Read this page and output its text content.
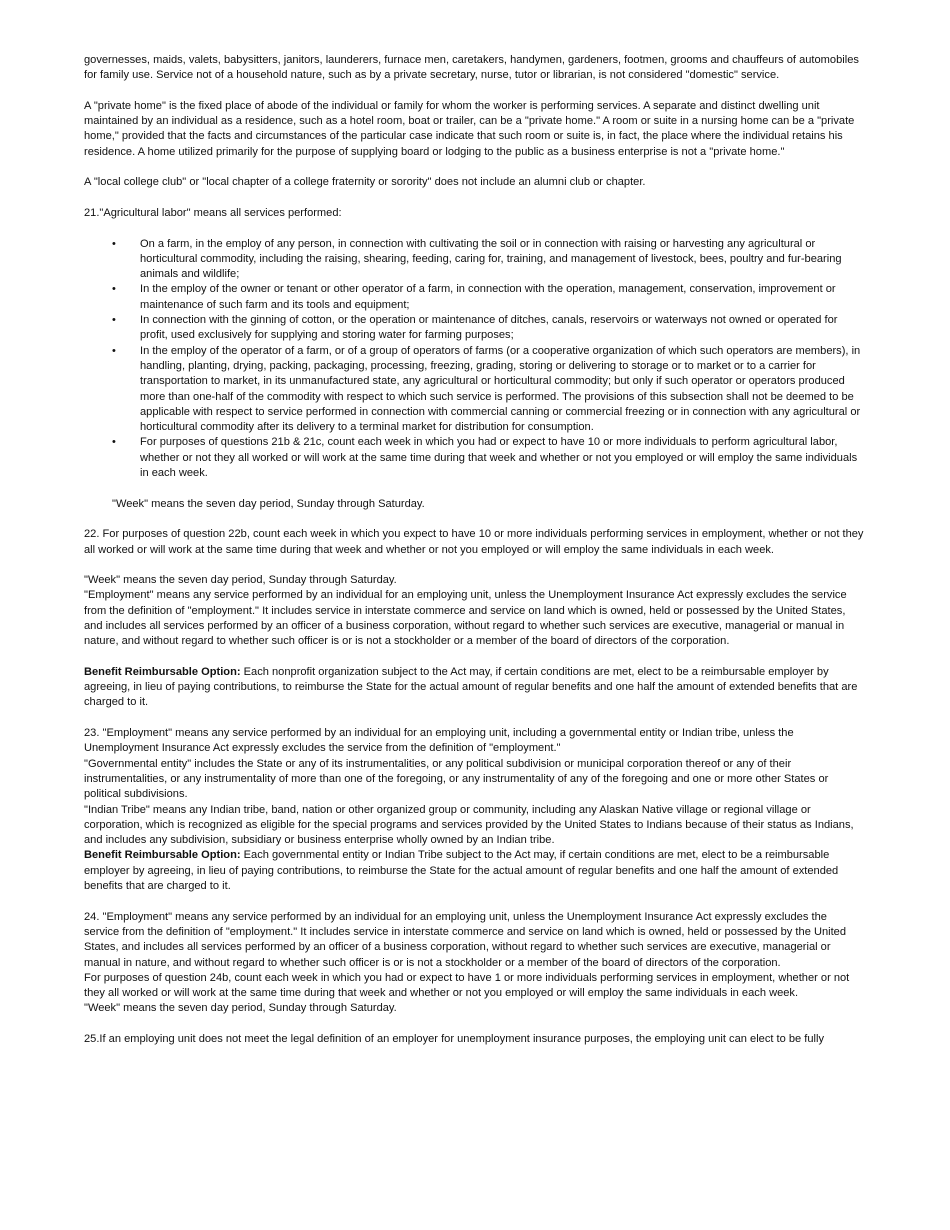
governesses, maids, valets, babysitters, janitors, launderers, furnace men, caretakers, handymen, gardeners, footmen, grooms and chauffeurs of automobiles for family use. Service not of a household nature, such as by a private secretary, nurse, tutor or librarian, is not considered "domestic" service.

A "private home" is the fixed place of abode of the individual or family for whom the worker is performing services. A separate and distinct dwelling unit maintained by an individual as a residence, such as a hotel room, boat or trailer, can be a "private home." A room or suite in a nursing home can be a "private home," provided that the facts and circumstances of the particular case indicate that such room or suite is, in fact, the place where the individual retains his residence. A home utilized primarily for the purpose of supplying board or lodging to the public as a business enterprise is not a "private home."

A "local college club" or "local chapter of a college fraternity or sorority" does not include an alumni club or chapter.

21."Agricultural labor" means all services performed:

• On a farm, in the employ of any person, in connection with cultivating the soil or in connection with raising or harvesting any agricultural or horticultural commodity, including the raising, shearing, feeding, caring for, training, and management of livestock, bees, poultry and fur-bearing animals and wildlife;
• In the employ of the owner or tenant or other operator of a farm, in connection with the operation, management, conservation, improvement or maintenance of such farm and its tools and equipment;
• In connection with the ginning of cotton, or the operation or maintenance of ditches, canals, reservoirs or waterways not owned or operated for profit, used exclusively for supplying and storing water for farming purposes;
• In the employ of the operator of a farm, or of a group of operators of farms (or a cooperative organization of which such operators are members), in handling, planting, drying, packing, packaging, processing, freezing, grading, storing or delivering to storage or to market or to a carrier for transportation to market, in its unmanufactured state, any agricultural or horticultural commodity; but only if such operator or operators produced more than one-half of the commodity with respect to which such service is performed. The provisions of this subsection shall not be deemed to be applicable with respect to service performed in connection with commercial canning or commercial freezing or in connection with any agricultural or horticultural commodity after its delivery to a terminal market for distribution for consumption.
• For purposes of questions 21b & 21c, count each week in which you had or expect to have 10 or more individuals to perform agricultural labor, whether or not they all worked or will work at the same time during that week and whether or not you employed or will employ the same individuals in each week.

"Week" means the seven day period, Sunday through Saturday.

22. For purposes of question 22b, count each week in which you expect to have 10 or more individuals performing services in employment, whether or not they all worked or will work at the same time during that week and whether or not you employed or will employ the same individuals in each week.

"Week" means the seven day period, Sunday through Saturday.

"Employment" means any service performed by an individual for an employing unit, unless the Unemployment Insurance Act expressly excludes the service from the definition of "employment." It includes service in interstate commerce and service on land which is owned, held or possessed by the United States, and includes all services performed by an officer of a business corporation, without regard to whether such services are executive, managerial or manual in nature, and without regard to whether such officer is or is not a stockholder or a member of the board of directors of the corporation.

Benefit Reimbursable Option: Each nonprofit organization subject to the Act may, if certain conditions are met, elect to be a reimbursable employer by agreeing, in lieu of paying contributions, to reimburse the State for the actual amount of regular benefits and one half the amount of extended benefits that are charged to it.

23. "Employment" means any service performed by an individual for an employing unit, including a governmental entity or Indian tribe, unless the Unemployment Insurance Act expressly excludes the service from the definition of "employment."

"Governmental entity" includes the State or any of its instrumentalities, or any political subdivision or municipal corporation thereof or any of their instrumentalities, or any instrumentality of more than one of the foregoing, or any instrumentality of any of the foregoing and one or more other States or political subdivisions.

"Indian Tribe" means any Indian tribe, band, nation or other organized group or community, including any Alaskan Native village or regional village or corporation, which is recognized as eligible for the special programs and services provided by the United States to Indians because of their status as Indians, and includes any subdivision, subsidiary or business enterprise wholly owned by an Indian tribe.

Benefit Reimbursable Option: Each governmental entity or Indian Tribe subject to the Act may, if certain conditions are met, elect to be a reimbursable employer by agreeing, in lieu of paying contributions, to reimburse the State for the actual amount of regular benefits and one half the amount of extended benefits that are charged to it.

24. "Employment" means any service performed by an individual for an employing unit, unless the Unemployment Insurance Act expressly excludes the service from the definition of "employment." It includes service in interstate commerce and service on land which is owned, held or possessed by the United States, and includes all services performed by an officer of a business corporation, without regard to whether such services are executive, managerial or manual in nature, and without regard to whether such officer is or is not a stockholder or a member of the board of directors of the corporation.

For purposes of question 24b, count each week in which you had or expect to have 1 or more individuals performing services in employment, whether or not they all worked or will work at the same time during that week and whether or not you employed or will employ the same individuals in each week.

"Week" means the seven day period, Sunday through Saturday.

25.If an employing unit does not meet the legal definition of an employer for unemployment insurance purposes, the employing unit can elect to be fully
